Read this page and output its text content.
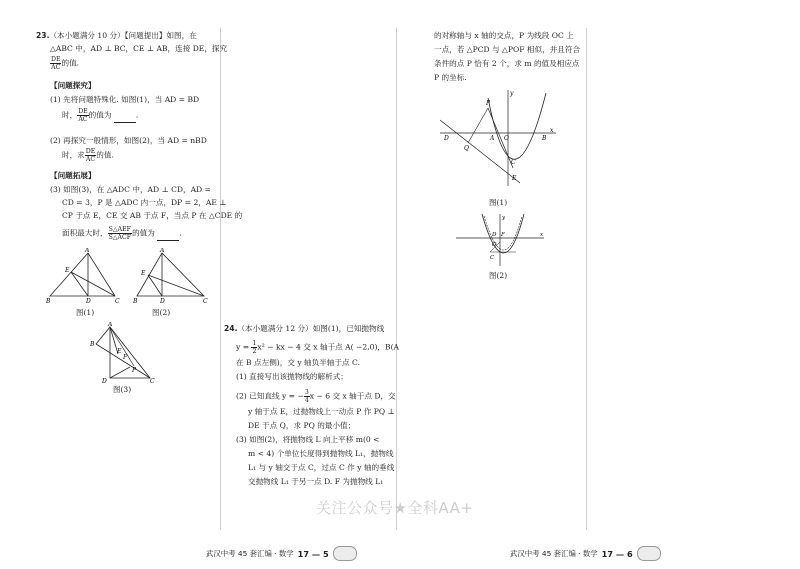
23.（本小题满分 10 分）【问题提出】如图，在
△ABC 中，AD ⊥ BC，CE ⊥ AB，连接 DE，探究
$\frac{DE}{AC}$ 的值.
【问题探究】
(1) 先将问题特殊化. 如图(1)，当 AD = BD
时， $\frac{DE}{AC}$ 的值为	.
(2) 再探究一般情形，如图(2)，当 AD = nBD
时，求 $\frac{DE}{AC}$ 的值.
【问题拓展】
(3) 如图(3)，在 △ADC 中，AD ⊥ CD，AD =
CD = 3，P 是 △ADC 内一点，DP = 2，AE ⊥
CP 于点 E，CE 交 AB 于点 F，当点 P 在 △CDE 的
面积最大时， $\frac{\text{S△AEF}}{\text{S△ACF}}$ 的值为	.
A
B	D	C
E
图(1)
A
B	D	C
E
图(2)
A
B
D	C
E
F
P
图(3)
24.（本小题满分 12 分）如图(1)，已知抛物线
$y = \frac{1}{2} x^2$ − kx − 4 交 x 轴于点 A( −2,0)，B(A
在 B 点左侧)，交 y 轴负半轴于点 C.
(1) 直接写出该抛物线的解析式；
(2) 已知直线 y = − $\frac{3}{4}$ x − 6 交 x 轴于点 D，交
y 轴于点 E，过抛物线上一动点 P 作 PQ ⊥
DE 于点 Q，求 PQ 的最小值；
(3) 如图(2)，将抛物线 L 向上平移 m(0 <
m < 4) 个单位长度得到抛物线 L₁，抛物线
L₁ 与 y 轴交于点 C，过点 C 作 y 轴的垂线
交抛物线 L₁ 于另一点 D. F 为抛物线 L₁
武汉中考 45 套汇编 · 数学 17 — 5
的对称轴与 x 轴的交点，P 为线段 OC 上
一点，若 △PCD 与 △POF 相似，并且符合
条件的点 P 恰有 2 个，求 m 的值及相应点
P 的坐标.
O	B
A
D
P
Q
C
E
x
y
图(1)
D F
O
C
x
y
图(2)
武汉中考 45 套汇编 · 数学 17 — 6
关注公众号★全科AA+
